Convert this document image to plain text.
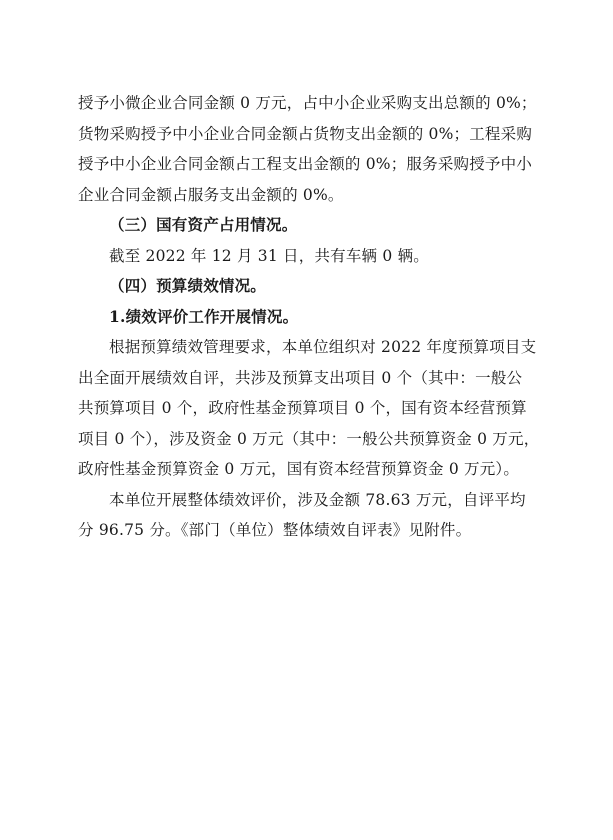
授予小微企业合同金额 0 万元，占中小企业采购支出总额的 0%；
货物采购授予中小企业合同金额占货物支出金额的 0%；工程采购
授予中小企业合同金额占工程支出金额的 0%；服务采购授予中小
企业合同金额占服务支出金额的 0%。
（三）国有资产占用情况。
截至 2022 年 12 月 31 日，共有车辆 0 辆。
（四）预算绩效情况。
1.绩效评价工作开展情况。
根据预算绩效管理要求，本单位组织对 2022 年度预算项目支
出全面开展绩效自评，共涉及预算支出项目 0 个（其中：一般公
共预算项目 0 个，政府性基金预算项目 0 个，国有资本经营预算
项目 0 个），涉及资金 0 万元（其中：一般公共预算资金 0 万元，
政府性基金预算资金 0 万元，国有资本经营预算资金 0 万元）。
本单位开展整体绩效评价，涉及金额 78.63 万元，自评平均
分 96.75 分。《部门（单位）整体绩效自评表》见附件。
